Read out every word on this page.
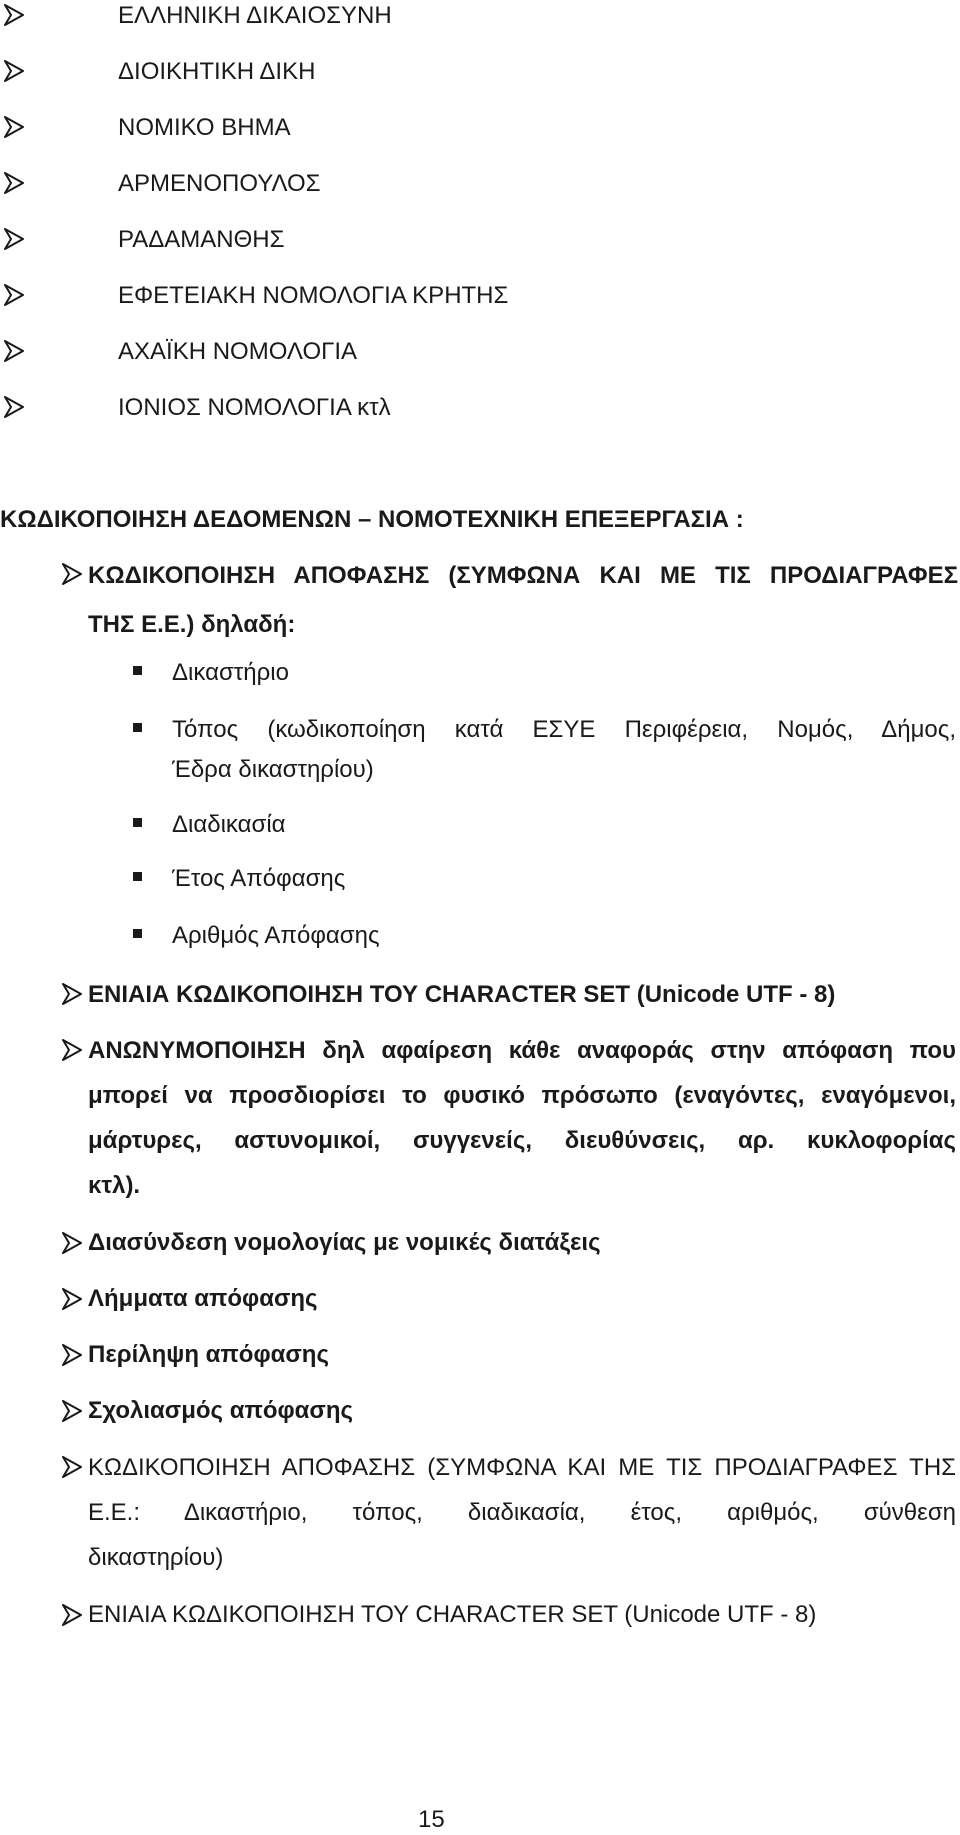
ΕΛΛΗΝΙΚΗ ΔΙΚΑΙΟΣΥΝΗ
ΔΙΟΙΚΗΤΙΚΗ ΔΙΚΗ
ΝΟΜΙΚΟ ΒΗΜΑ
ΑΡΜΕΝΟΠΟΥΛΟΣ
ΡΑΔΑΜΑΝΘΗΣ
ΕΦΕΤΕΙΑΚΗ ΝΟΜΟΛΟΓΙΑ ΚΡΗΤΗΣ
ΑΧΑΪΚΗ ΝΟΜΟΛΟΓΙΑ
ΙΟΝΙΟΣ ΝΟΜΟΛΟΓΙΑ κτλ
ΚΩΔΙΚΟΠΟΙΗΣΗ ΔΕΔΟΜΕΝΩΝ – ΝΟΜΟΤΕΧΝΙΚΗ ΕΠΕΞΕΡΓΑΣΙΑ :
ΚΩΔΙΚΟΠΟΙΗΣΗ ΑΠΟΦΑΣΗΣ (ΣΥΜΦΩΝΑ ΚΑΙ ΜΕ ΤΙΣ ΠΡΟΔΙΑΓΡΑΦΕΣ
ΤΗΣ Ε.Ε.) δηλαδή:
Δικαστήριο
Τόπος (κωδικοποίηση κατά ΕΣΥΕ Περιφέρεια, Νομός, Δήμος,
Έδρα δικαστηρίου)
Διαδικασία
Έτος Απόφασης
Αριθμός Απόφασης
ΕΝΙΑΙΑ ΚΩΔΙΚΟΠΟΙΗΣΗ ΤΟΥ CHARACTER SET (Unicode UTF - 8)
ΑΝΩΝΥΜΟΠΟΙΗΣΗ δηλ αφαίρεση κάθε αναφοράς στην απόφαση που
μπορεί να προσδιορίσει το φυσικό πρόσωπο (εναγόντες, εναγόμενοι,
μάρτυρες, αστυνομικοί, συγγενείς, διευθύνσεις, αρ. κυκλοφορίας
κτλ).
Διασύνδεση νομολογίας με νομικές διατάξεις
Λήμματα απόφασης
Περίληψη απόφασης
Σχολιασμός απόφασης
ΚΩΔΙΚΟΠΟΙΗΣΗ ΑΠΟΦΑΣΗΣ (ΣΥΜΦΩΝΑ ΚΑΙ ΜΕ ΤΙΣ ΠΡΟΔΙΑΓΡΑΦΕΣ ΤΗΣ
Ε.Ε.: Δικαστήριο, τόπος, διαδικασία, έτος, αριθμός, σύνθεση
δικαστηρίου)
ΕΝΙΑΙΑ ΚΩΔΙΚΟΠΟΙΗΣΗ ΤΟΥ CHARACTER SET (Unicode UTF - 8)
15
